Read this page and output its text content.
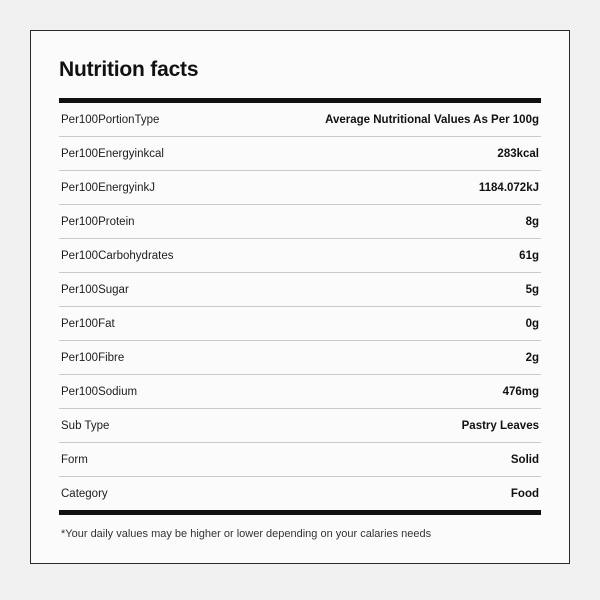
Nutrition facts
Per100PortionType	Average Nutritional Values As Per 100g
Per100Energyinkcal	283kcal
Per100EnergyinkJ	1184.072kJ
Per100Protein	8g
Per100Carbohydrates	61g
Per100Sugar	5g
Per100Fat	0g
Per100Fibre	2g
Per100Sodium	476mg
Sub Type	Pastry Leaves
Form	Solid
Category	Food
*Your daily values may be higher or lower depending on your calaries needs
